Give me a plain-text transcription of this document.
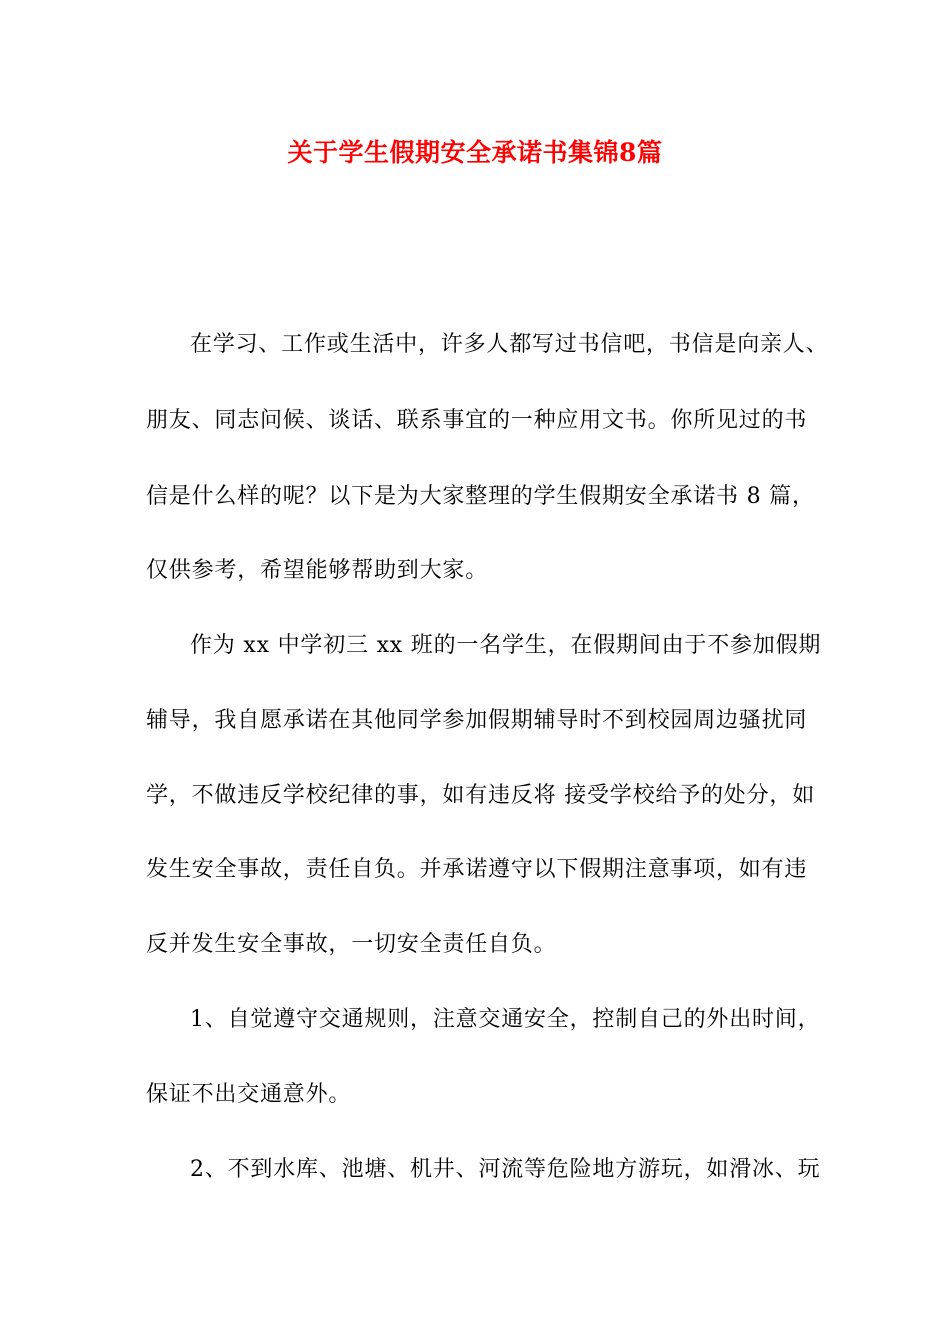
关于学生假期安全承诺书集锦8篇
在学习、工作或生活中，许多人都写过书信吧，书信是向亲人、
朋友、同志问候、谈话、联系事宜的一种应用文书。你所见过的书
信是什么样的呢？以下是为大家整理的学生假期安全承诺书 8 篇，
仅供参考，希望能够帮助到大家。
作为 xx 中学初三 xx 班的一名学生，在假期间由于不参加假期
辅导，我自愿承诺在其他同学参加假期辅导时不到校园周边骚扰同
学，不做违反学校纪律的事，如有违反将 接受学校给予的处分，如
发生安全事故，责任自负。并承诺遵守以下假期注意事项，如有违
反并发生安全事故，一切安全责任自负。
1、自觉遵守交通规则，注意交通安全，控制自己的外出时间，
保证不出交通意外。
2、不到水库、池塘、机井、河流等危险地方游玩，如滑冰、玩
